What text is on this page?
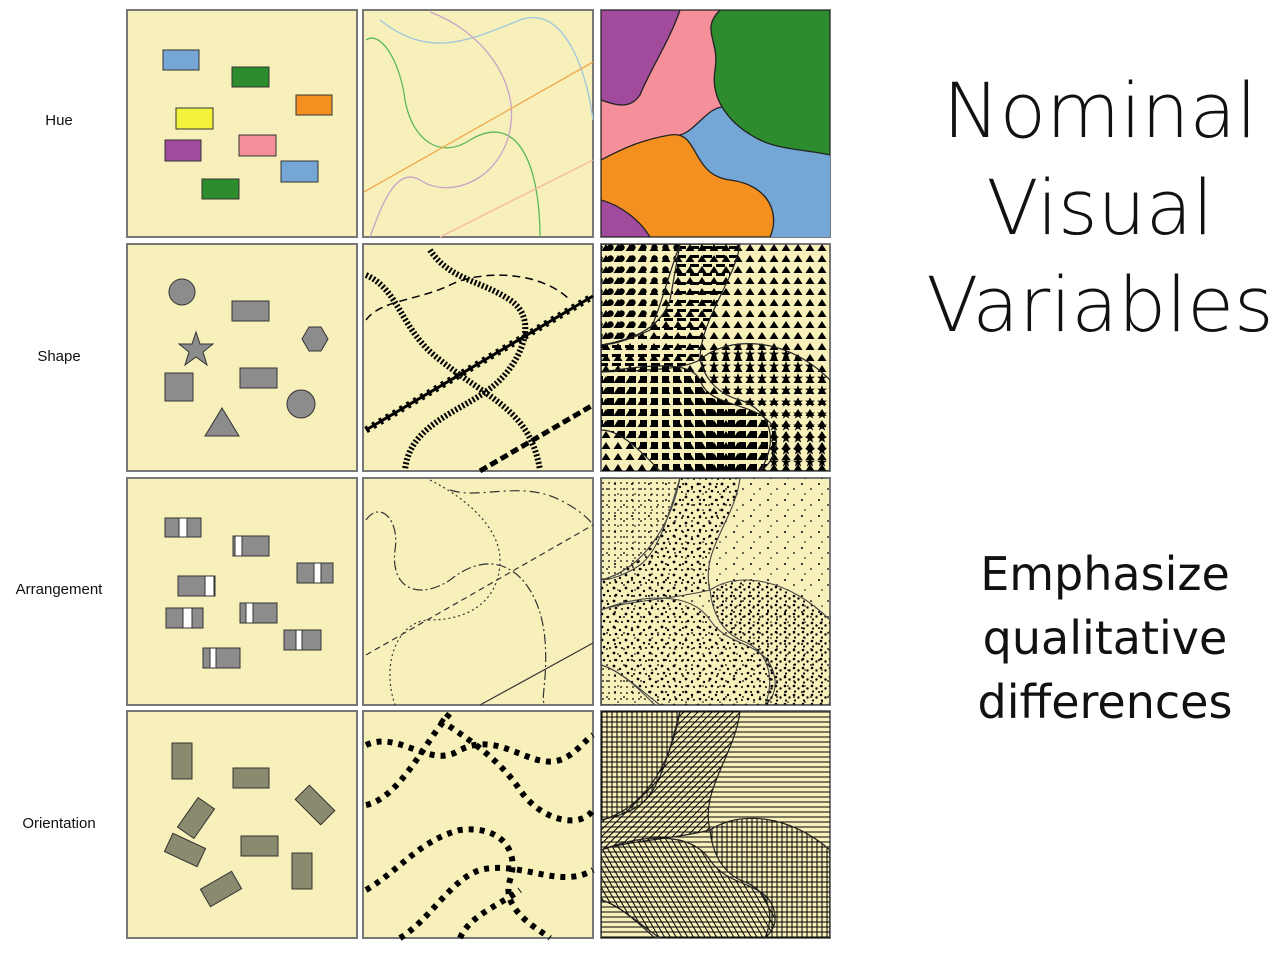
Hue
Shape
Arrangement
Orientation
Nominal
Visual
Variables
Emphasize
qualitative
differences
